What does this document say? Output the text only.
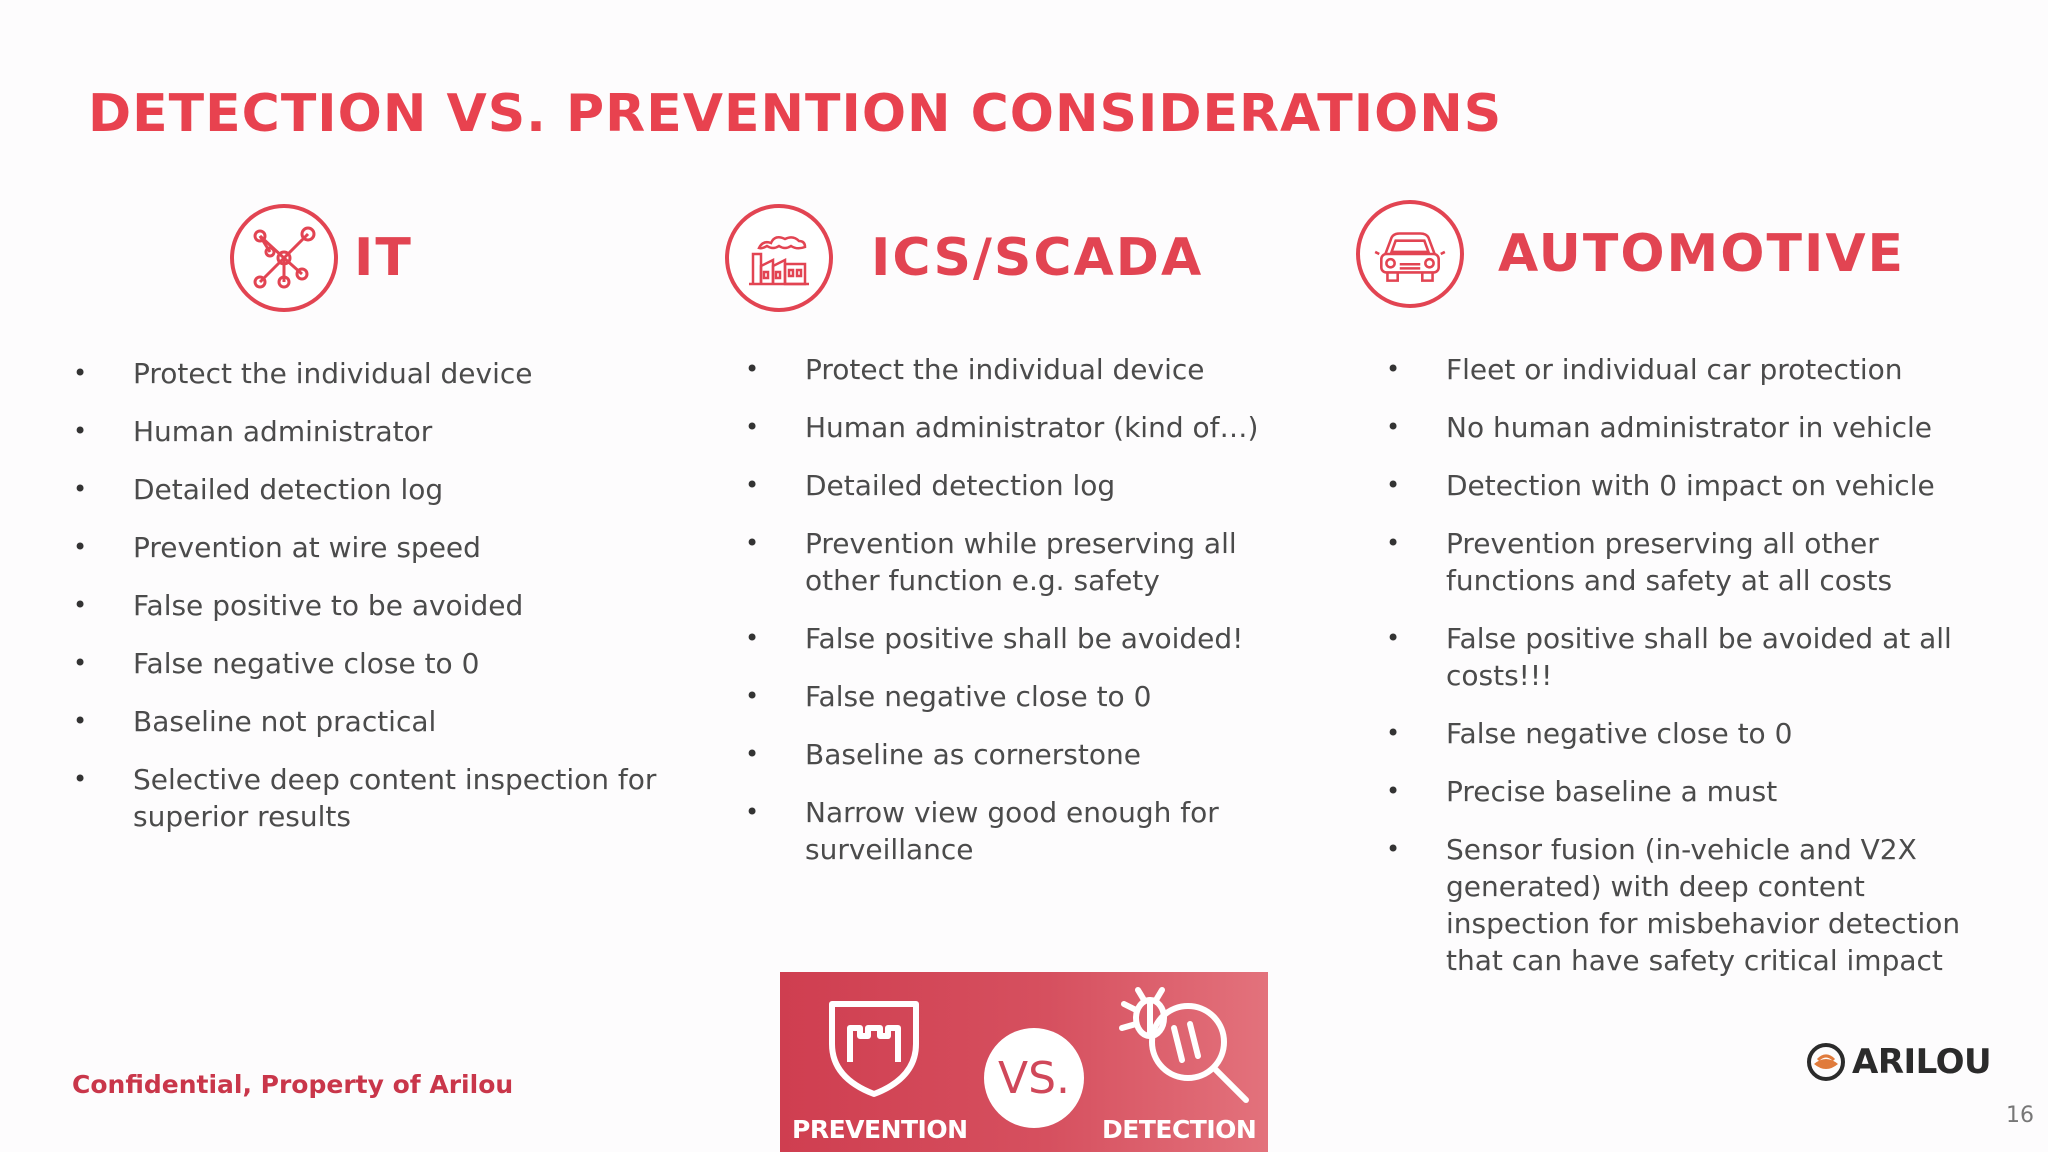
DETECTION VS. PREVENTION CONSIDERATIONS
IT
• Protect the individual device
• Human administrator
• Detailed detection log
• Prevention at wire speed
• False positive to be avoided
• False negative close to 0
• Baseline not practical
• Selective deep content inspection for superior results
ICS/SCADA
• Protect the individual device
• Human administrator (kind of…)
• Detailed detection log
• Prevention while preserving all other function e.g. safety
• False positive shall be avoided!
• False negative close to 0
• Baseline as cornerstone
• Narrow view good enough for surveillance
AUTOMOTIVE
• Fleet or individual car protection
• No human administrator in vehicle
• Detection with 0 impact on vehicle
• Prevention preserving all other functions and safety at all costs
• False positive shall be avoided at all costs!!!
• False negative close to 0
• Precise baseline a must
• Sensor fusion (in-vehicle and V2X generated) with deep content inspection for misbehavior detection that can have safety critical impact
VS.
PREVENTION	DETECTION
Confidential, Property of Arilou
ARILOU
16
